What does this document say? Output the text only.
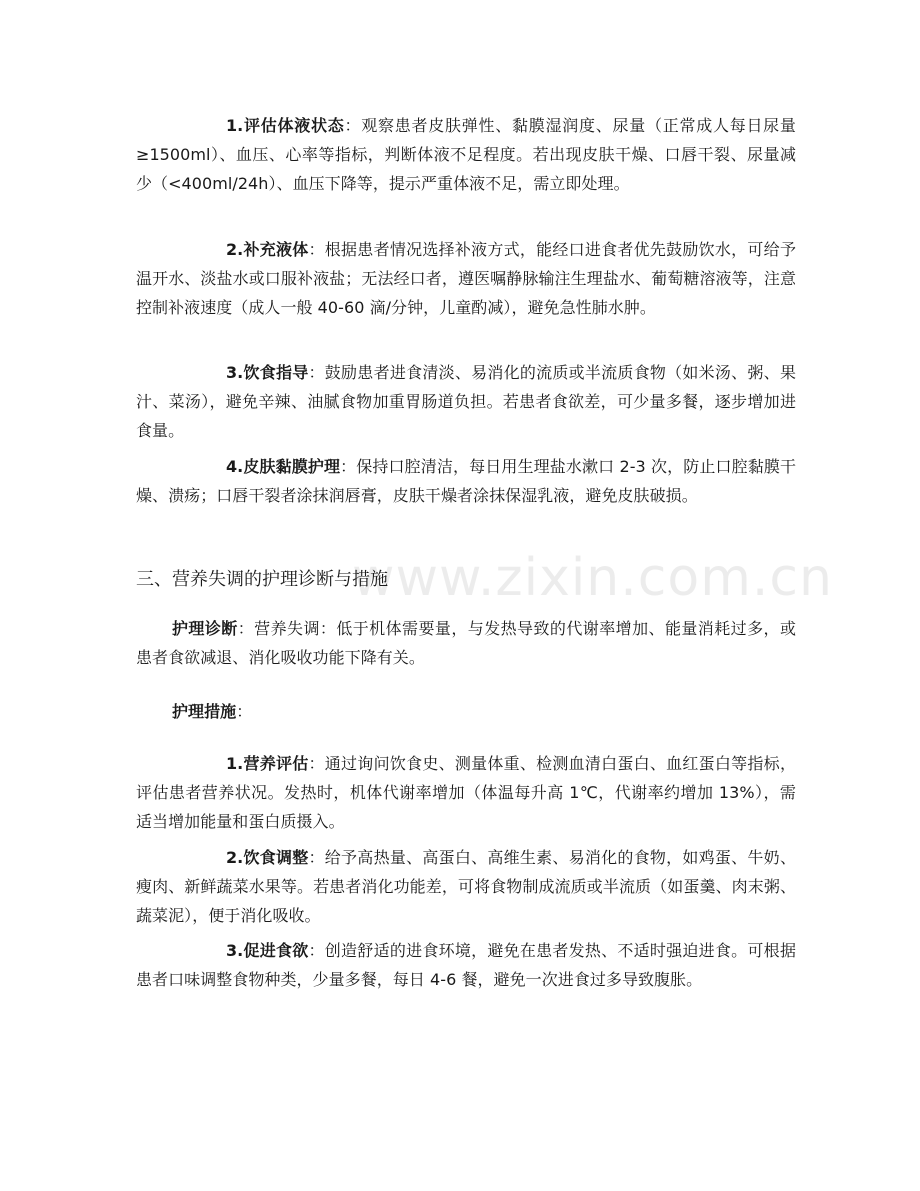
1.评估体液状态：观察患者皮肤弹性、黏膜湿润度、尿量（正常成人每日尿量≥1500ml）、血压、心率等指标，判断体液不足程度。若出现皮肤干燥、口唇干裂、尿量减少（<400ml/24h）、血压下降等，提示严重体液不足，需立即处理。

2.补充液体：根据患者情况选择补液方式，能经口进食者优先鼓励饮水，可给予温开水、淡盐水或口服补液盐；无法经口者，遵医嘱静脉输注生理盐水、葡萄糖溶液等，注意控制补液速度（成人一般 40-60 滴/分钟，儿童酌减），避免急性肺水肿。

3.饮食指导：鼓励患者进食清淡、易消化的流质或半流质食物（如米汤、粥、果汁、菜汤），避免辛辣、油腻食物加重胃肠道负担。若患者食欲差，可少量多餐，逐步增加进食量。

4.皮肤黏膜护理：保持口腔清洁，每日用生理盐水漱口 2-3 次，防止口腔黏膜干燥、溃疡；口唇干裂者涂抹润唇膏，皮肤干燥者涂抹保湿乳液，避免皮肤破损。

www.zixin.com.cn
三、营养失调的护理诊断与措施

护理诊断：营养失调：低于机体需要量，与发热导致的代谢率增加、能量消耗过多，或患者食欲减退、消化吸收功能下降有关。

护理措施：

1.营养评估：通过询问饮食史、测量体重、检测血清白蛋白、血红蛋白等指标，评估患者营养状况。发热时，机体代谢率增加（体温每升高 1℃，代谢率约增加 13%），需适当增加能量和蛋白质摄入。

2.饮食调整：给予高热量、高蛋白、高维生素、易消化的食物，如鸡蛋、牛奶、瘦肉、新鲜蔬菜水果等。若患者消化功能差，可将食物制成流质或半流质（如蛋羹、肉末粥、蔬菜泥），便于消化吸收。

3.促进食欲：创造舒适的进食环境，避免在患者发热、不适时强迫进食。可根据患者口味调整食物种类，少量多餐，每日 4-6 餐，避免一次进食过多导致腹胀。
